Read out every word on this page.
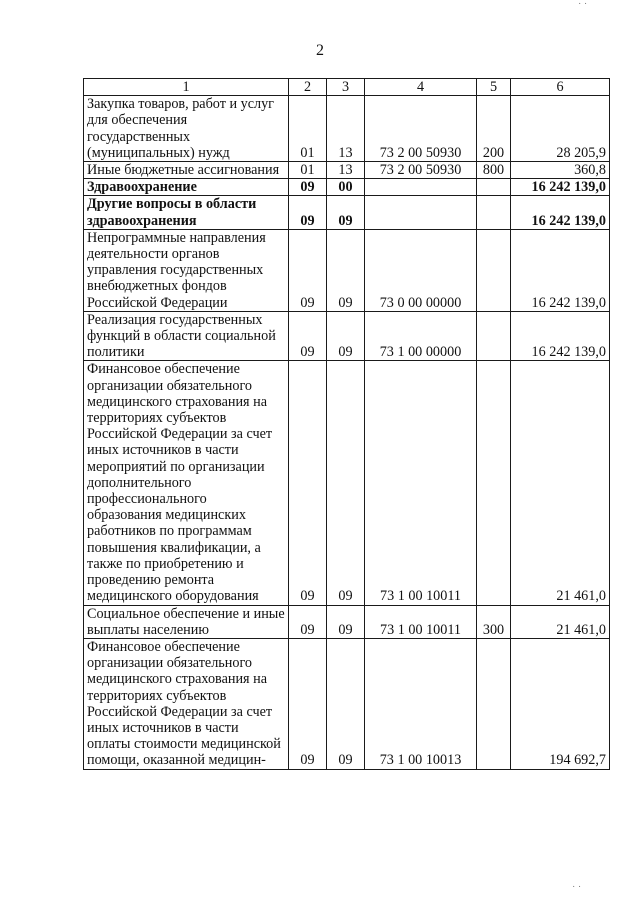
2
1	2	3	4	5	6
Закупка товаров, работ и услуг для обеспечения государственных (муниципальных) нужд	01	13	73 2 00 50930	200	28 205,9
Иные бюджетные ассигнования	01	13	73 2 00 50930	800	360,8
Здравоохранение	09	00			16 242 139,0
Другие вопросы в области здравоохранения	09	09			16 242 139,0
Непрограммные направления деятельности органов управления государственных внебюджетных фондов Российской Федерации	09	09	73 0 00 00000		16 242 139,0
Реализация государственных функций в области социальной политики	09	09	73 1 00 00000		16 242 139,0
Финансовое обеспечение организации обязательного медицинского страхования на территориях субъектов Российской Федерации за счет иных источников в части мероприятий по организации дополнительного профессионального образования медицинских работников по программам повышения квалификации, а также по приобретению и проведению ремонта медицинского оборудования	09	09	73 1 00 10011		21 461,0
Социальное обеспечение и иные выплаты населению	09	09	73 1 00 10011	300	21 461,0
Финансовое обеспечение организации обязательного медицинского страхования на территориях субъектов Российской Федерации за счет иных источников в части оплаты стоимости медицинской помощи, оказанной медицин-	09	09	73 1 00 10013		194 692,7
˙ ˙
˙ ˙
